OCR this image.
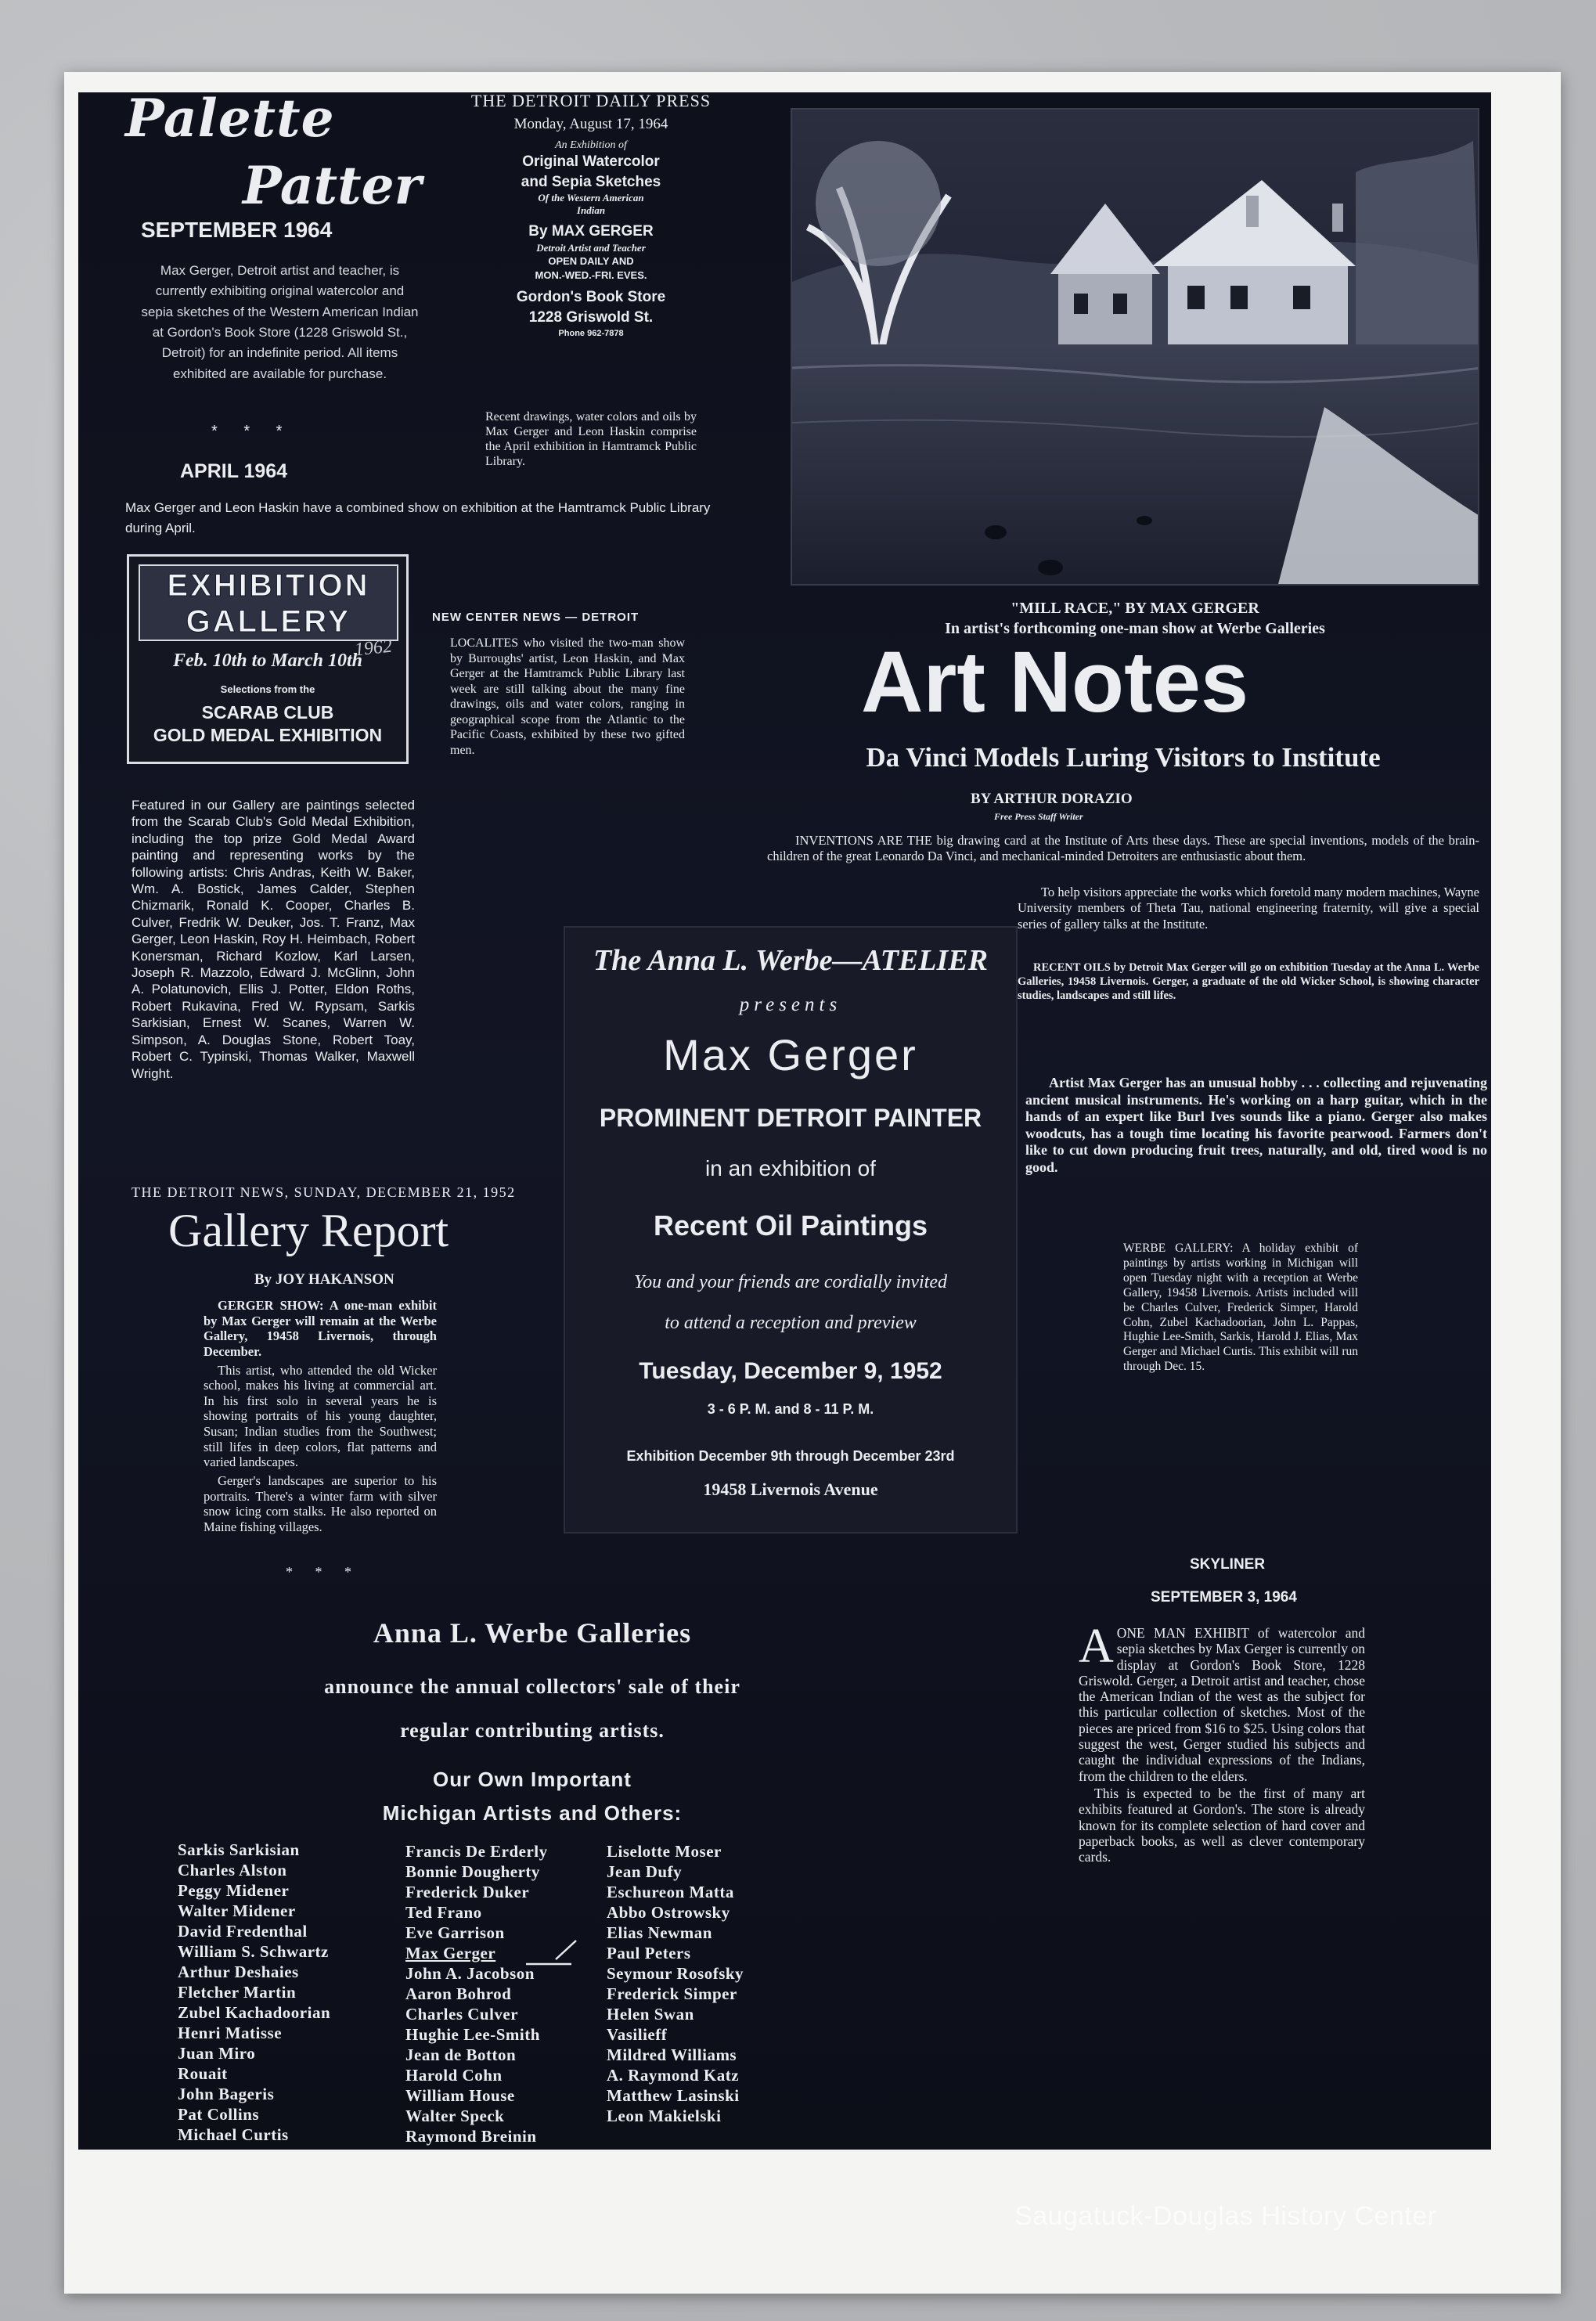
Palette
Patter
SEPTEMBER 1964
Max Gerger, Detroit artist and teacher, is currently exhibiting original watercolor and sepia sketches of the Western American Indian at Gordon's Book Store (1228 Griswold St., Detroit) for an indefinite period. All items exhibited are available for purchase.
* * *
APRIL 1964
Max Gerger and Leon Haskin have a combined show on exhibition at the Hamtramck Public Library during April.
THE DETROIT DAILY PRESS
Monday, August 17, 1964
An Exhibition of
Original Watercolor
and Sepia Sketches
Of the Western American
Indian
By MAX GERGER
Detroit Artist and Teacher
OPEN DAILY AND
MON.-WED.-FRI. EVES.
Gordon's Book Store
1228 Griswold St.
Phone 962-7878
Recent drawings, water colors and oils by Max Gerger and Leon Haskin comprise the April exhibition in Hamtramck Public Library.
"MILL RACE," BY MAX GERGER
In artist's forthcoming one-man show at Werbe Galleries
EXHIBITION
GALLERY
1962
Feb. 10th to March 10th
Selections from the
SCARAB CLUB
GOLD MEDAL EXHIBITION
Featured in our Gallery are paintings selected from the Scarab Club's Gold Medal Exhibition, including the top prize Gold Medal Award painting and representing works by the following artists: Chris Andras, Keith W. Baker, Wm. A. Bostick, James Calder, Stephen Chizmarik, Ronald K. Cooper, Charles B. Culver, Fredrik W. Deuker, Jos. T. Franz, Max Gerger, Leon Haskin, Roy H. Heimbach, Robert Konersman, Richard Kozlow, Karl Larsen, Joseph R. Mazzolo, Edward J. McGlinn, John A. Polatunovich, Ellis J. Potter, Eldon Roths, Robert Rukavina, Fred W. Rypsam, Sarkis Sarkisian, Ernest W. Scanes, Warren W. Simpson, A. Douglas Stone, Robert Toay, Robert C. Typinski, Thomas Walker, Maxwell Wright.
NEW CENTER NEWS — DETROIT
LOCALITES who visited the two-man show by Burroughs' artist, Leon Haskin, and Max Gerger at the Hamtramck Public Library last week are still talking about the many fine drawings, oils and water colors, ranging in geographical scope from the Atlantic to the Pacific Coasts, exhibited by these two gifted men.
Art Notes
Da Vinci Models Luring Visitors to Institute
BY ARTHUR DORAZIO
Free Press Staff Writer
INVENTIONS ARE THE big drawing card at the Institute of Arts these days. These are special inventions, models of the brain-children of the great Leonardo Da Vinci, and mechanical-minded Detroiters are enthusiastic about them.
To help visitors appreciate the works which foretold many modern machines, Wayne University members of Theta Tau, national engineering fraternity, will give a special series of gallery talks at the Institute.
RECENT OILS by Detroit Max Gerger will go on exhibition Tuesday at the Anna L. Werbe Galleries, 19458 Livernois. Gerger, a graduate of the old Wicker School, is showing character studies, landscapes and still lifes.
Artist Max Gerger has an unusual hobby . . . collecting and rejuvenating ancient musical instruments. He's working on a harp guitar, which in the hands of an expert like Burl Ives sounds like a piano. Gerger also makes woodcuts, has a tough time locating his favorite pearwood. Farmers don't like to cut down producing fruit trees, naturally, and old, tired wood is no good.
WERBE GALLERY: A holiday exhibit of paintings by artists working in Michigan will open Tuesday night with a reception at Werbe Gallery, 19458 Livernois. Artists included will be Charles Culver, Frederick Simper, Harold Cohn, Zubel Kachadoorian, John L. Pappas, Hughie Lee-Smith, Sarkis, Harold J. Elias, Max Gerger and Michael Curtis. This exhibit will run through Dec. 15.
The Anna L. Werbe—ATELIER
presents
Max Gerger
PROMINENT DETROIT PAINTER
in an exhibition of
Recent Oil Paintings
You and your friends are cordially invited
to attend a reception and preview
Tuesday, December 9, 1952
3 - 6 P. M. and 8 - 11 P. M.
Exhibition December 9th through December 23rd
19458 Livernois Avenue
THE DETROIT NEWS, SUNDAY, DECEMBER 21, 1952
Gallery Report
By JOY HAKANSON

GERGER SHOW: A one-man exhibit by Max Gerger will remain at the Werbe Gallery, 19458 Livernois, through December.

This artist, who attended the old Wicker school, makes his living at commercial art. In his first solo in several years he is showing portraits of his young daughter, Susan; Indian studies from the Southwest; still lifes in deep colors, flat patterns and varied landscapes.

Gerger's landscapes are superior to his portraits. There's a winter farm with silver snow icing corn stalks. He also reported on Maine fishing villages.

* * *	SKYLINER
SEPTEMBER 3, 1964
A ONE MAN EXHIBIT of watercolor and sepia sketches by Max Gerger is currently on display at Gordon's Book Store, 1228 Griswold. Gerger, a Detroit artist and teacher, chose the American Indian of the west as the subject for this particular collection of sketches. Most of the pieces are priced from $16 to $25. Using colors that suggest the west, Gerger studied his subjects and caught the individual expressions of the Indians, from the children to the elders.

This is expected to be the first of many art exhibits featured at Gordon's. The store is already known for its complete selection of hard cover and paperback books, as well as clever contemporary cards.

Anna L. Werbe Galleries
announce the annual collectors' sale of their
regular contributing artists.
Our Own Important
Michigan Artists and Others:
Sarkis Sarkisian
Charles Alston
Peggy Midener
Walter Midener
David Fredenthal
William S. Schwartz
Arthur Deshaies
Fletcher Martin
Zubel Kachadoorian
Henri Matisse
Juan Miro
Rouait
John Bageris
Pat Collins
Michael Curtis
Francis De Erderly
Bonnie Dougherty
Frederick Duker
Ted Frano
Eve Garrison
Max Gerger
John A. Jacobson
Aaron Bohrod
Charles Culver
Hughie Lee-Smith
Jean de Botton
Harold Cohn
William House
Walter Speck
Raymond Breinin
Liselotte Moser
Jean Dufy
Eschureon Matta
Abbo Ostrowsky
Elias Newman
Paul Peters
Seymour Rosofsky
Frederick Simper
Helen Swan
Vasilieff
Mildred Williams
A. Raymond Katz
Matthew Lasinski
Leon Makielski
Saugatuck-Douglas History Center
